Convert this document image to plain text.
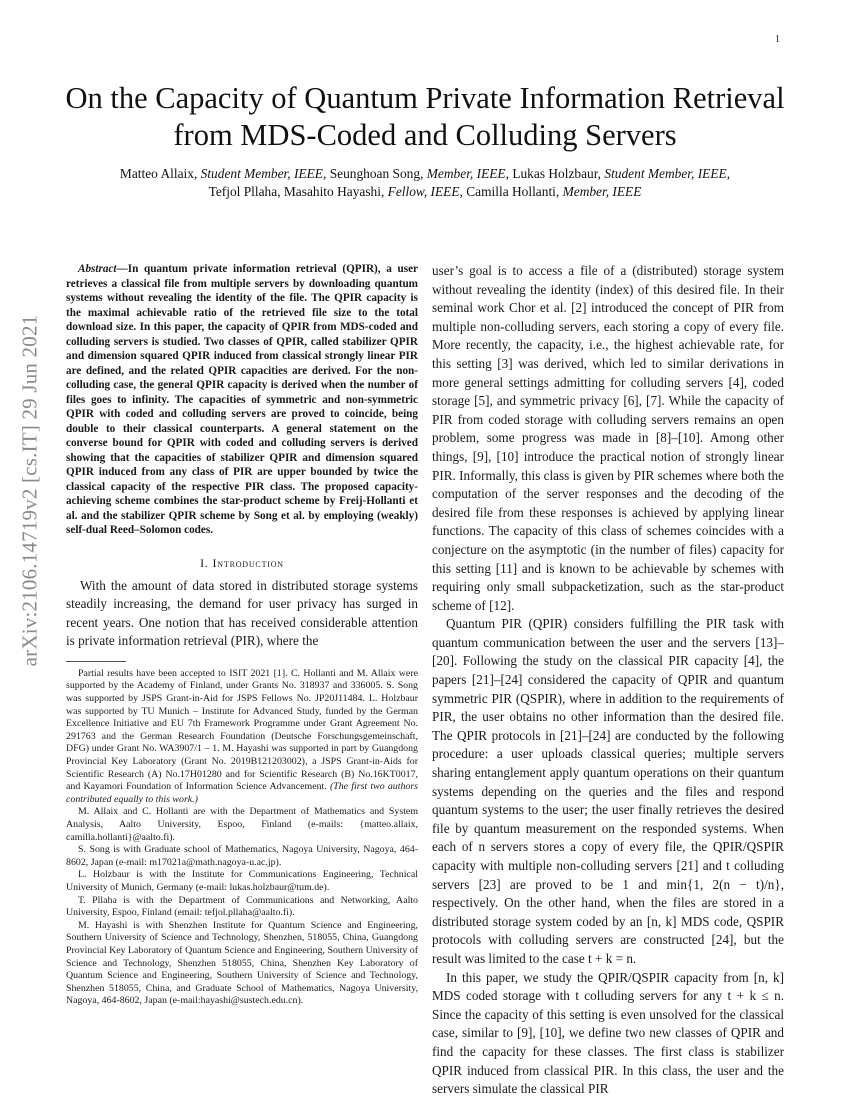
1
arXiv:2106.14719v2 [cs.IT] 29 Jun 2021
On the Capacity of Quantum Private Information Retrieval from MDS-Coded and Colluding Servers
Matteo Allaix, Student Member, IEEE, Seunghoan Song, Member, IEEE, Lukas Holzbaur, Student Member, IEEE,
Tefjol Pllaha, Masahito Hayashi, Fellow, IEEE, Camilla Hollanti, Member, IEEE

Abstract—In quantum private information retrieval (QPIR), a user retrieves a classical file from multiple servers by downloading quantum systems without revealing the identity of the file. The QPIR capacity is the maximal achievable ratio of the retrieved file size to the total download size. In this paper, the capacity of QPIR from MDS-coded and colluding servers is studied. Two classes of QPIR, called stabilizer QPIR and dimension squared QPIR induced from classical strongly linear PIR are defined, and the related QPIR capacities are derived. For the non-colluding case, the general QPIR capacity is derived when the number of files goes to infinity. The capacities of symmetric and non-symmetric QPIR with coded and colluding servers are proved to coincide, being double to their classical counterparts. A general statement on the converse bound for QPIR with coded and colluding servers is derived showing that the capacities of stabilizer QPIR and dimension squared QPIR induced from any class of PIR are upper bounded by twice the classical capacity of the respective PIR class. The proposed capacity-achieving scheme combines the star-product scheme by Freij-Hollanti et al. and the stabilizer QPIR scheme by Song et al. by employing (weakly) self-dual Reed–Solomon codes.

I. Introduction

With the amount of data stored in distributed storage systems steadily increasing, the demand for user privacy has surged in recent years. One notion that has received considerable attention is private information retrieval (PIR), where the

Partial results have been accepted to ISIT 2021 [1]. C. Hollanti and M. Allaix were supported by the Academy of Finland, under Grants No. 318937 and 336005. S. Song was supported by JSPS Grant-in-Aid for JSPS Fellows No. JP20J11484. L. Holzbaur was supported by TU Munich – Institute for Advanced Study, funded by the German Excellence Initiative and EU 7th Framework Programme under Grant Agreement No. 291763 and the German Research Foundation (Deutsche Forschungsgemeinschaft, DFG) under Grant No. WA3907/1 – 1. M. Hayashi was supported in part by Guangdong Provincial Key Laboratory (Grant No. 2019B121203002), a JSPS Grant-in-Aids for Scientific Research (A) No.17H01280 and for Scientific Research (B) No.16KT0017, and Kayamori Foundation of Information Science Advancement. (The first two authors contributed equally to this work.)

M. Allaix and C. Hollanti are with the Department of Mathematics and System Analysis, Aalto University, Espoo, Finland (e-mails: {matteo.allaix, camilla.hollanti}@aalto.fi).

S. Song is with Graduate school of Mathematics, Nagoya University, Nagoya, 464-8602, Japan (e-mail: m17021a@math.nagoya-u.ac.jp).

L. Holzbaur is with the Institute for Communications Engineering, Technical University of Munich, Germany (e-mail: lukas.holzbaur@tum.de).

T. Pllaha is with the Department of Communications and Networking, Aalto University, Espoo, Finland (email: tefjol.pllaha@aalto.fi).

M. Hayashi is with Shenzhen Institute for Quantum Science and Engineering, Southern University of Science and Technology, Shenzhen, 518055, China, Guangdong Provincial Key Laboratory of Quantum Science and Engineering, Southern University of Science and Technology, Shenzhen 518055, China, Shenzhen Key Laboratory of Quantum Science and Engineering, Southern University of Science and Technology, Shenzhen 518055, China, and Graduate School of Mathematics, Nagoya University, Nagoya, 464-8602, Japan (e-mail:hayashi@sustech.edu.cn).

user’s goal is to access a file of a (distributed) storage system without revealing the identity (index) of this desired file. In their seminal work Chor et al. [2] introduced the concept of PIR from multiple non-colluding servers, each storing a copy of every file. More recently, the capacity, i.e., the highest achievable rate, for this setting [3] was derived, which led to similar derivations in more general settings admitting for colluding servers [4], coded storage [5], and symmetric privacy [6], [7]. While the capacity of PIR from coded storage with colluding servers remains an open problem, some progress was made in [8]–[10]. Among other things, [9], [10] introduce the practical notion of strongly linear PIR. Informally, this class is given by PIR schemes where both the computation of the server responses and the decoding of the desired file from these responses is achieved by applying linear functions. The capacity of this class of schemes coincides with a conjecture on the asymptotic (in the number of files) capacity for this setting [11] and is known to be achievable by schemes with requiring only small subpacketization, such as the star-product scheme of [12].

Quantum PIR (QPIR) considers fulfilling the PIR task with quantum communication between the user and the servers [13]–[20]. Following the study on the classical PIR capacity [4], the papers [21]–[24] considered the capacity of QPIR and quantum symmetric PIR (QSPIR), where in addition to the requirements of PIR, the user obtains no other information than the desired file. The QPIR protocols in [21]–[24] are conducted by the following procedure: a user uploads classical queries; multiple servers sharing entanglement apply quantum operations on their quantum systems depending on the queries and the files and respond quantum systems to the user; the user finally retrieves the desired file by quantum measurement on the responded systems. When each of n servers stores a copy of every file, the QPIR/QSPIR capacity with multiple non-colluding servers [21] and t colluding servers [23] are proved to be 1 and min{1, 2(n − t)/n}, respectively. On the other hand, when the files are stored in a distributed storage system coded by an [n, k] MDS code, QSPIR protocols with colluding servers are constructed [24], but the result was limited to the case t + k = n.

In this paper, we study the QPIR/QSPIR capacity from [n, k] MDS coded storage with t colluding servers for any t + k ≤ n. Since the capacity of this setting is even unsolved for the classical case, similar to [9], [10], we define two new classes of QPIR and find the capacity for these classes. The first class is stabilizer QPIR induced from classical PIR. In this class, the user and the servers simulate the classical PIR
